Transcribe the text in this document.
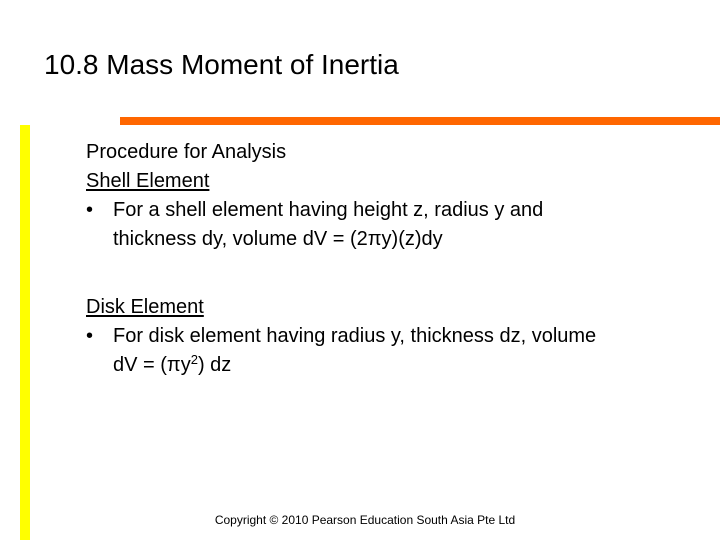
10.8 Mass Moment of Inertia
Procedure for Analysis
Shell Element
• For a shell element having height z, radius y and
thickness dy, volume dV = (2πy)(z)dy
Disk Element
• For disk element having radius y, thickness dz, volume
dV = $(\pi y^2)$ dz
Copyright © 2010 Pearson Education South Asia Pte Ltd
